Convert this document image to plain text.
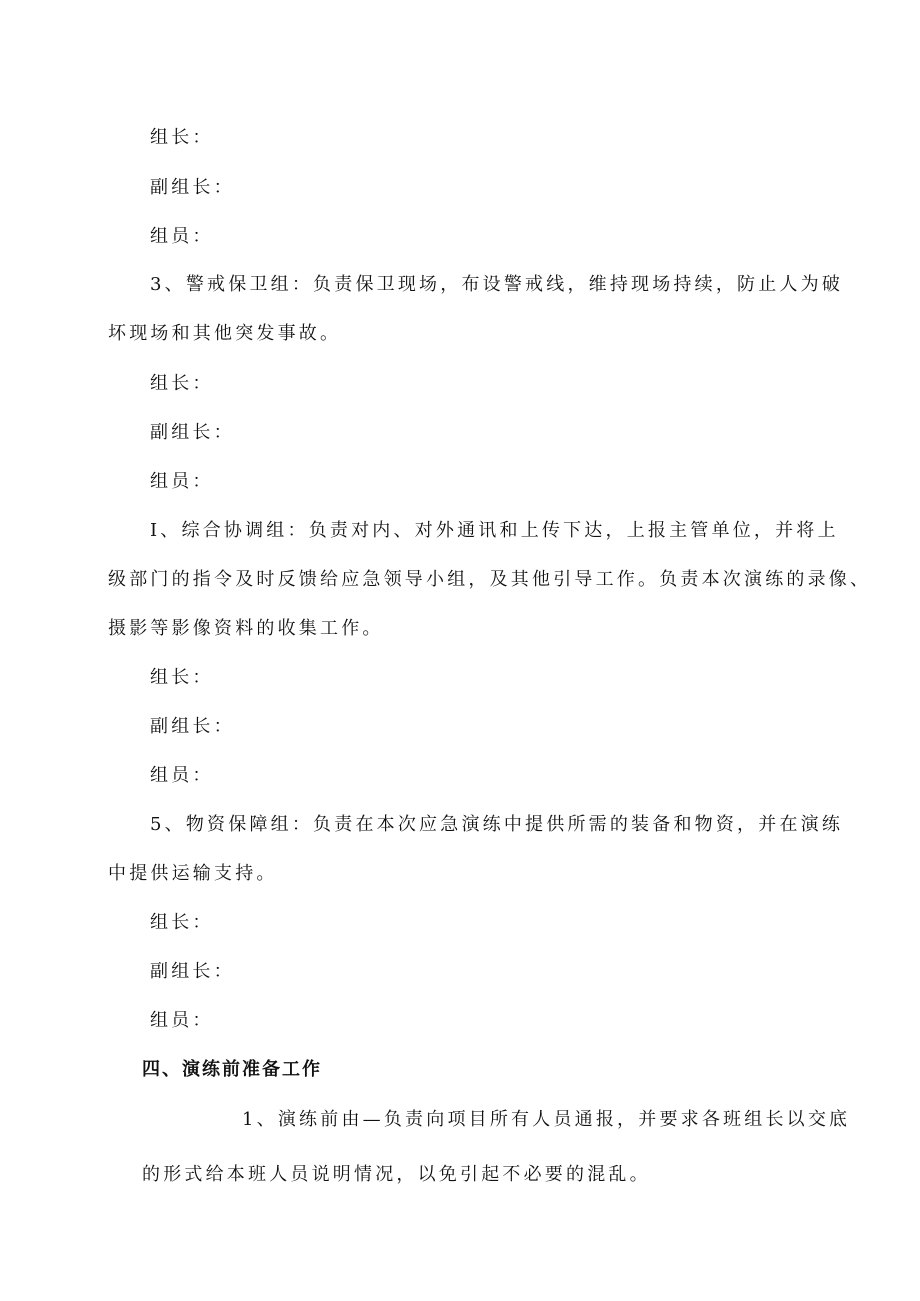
组长：
副组长：
组员：
3、警戒保卫组：负责保卫现场，布设警戒线，维持现场持续，防止人为破
坏现场和其他突发事故。
组长：
副组长：
组员：
I、综合协调组：负责对内、对外通讯和上传下达，上报主管单位，并将上
级部门的指令及时反馈给应急领导小组，及其他引导工作。负责本次演练的录像、
摄影等影像资料的收集工作。
组长：
副组长：
组员：
5、物资保障组：负责在本次应急演练中提供所需的装备和物资，并在演练
中提供运输支持。
组长：
副组长：
组员：
四、演练前准备工作
1、演练前由—负责向项目所有人员通报，并要求各班组长以交底
的形式给本班人员说明情况，以免引起不必要的混乱。
